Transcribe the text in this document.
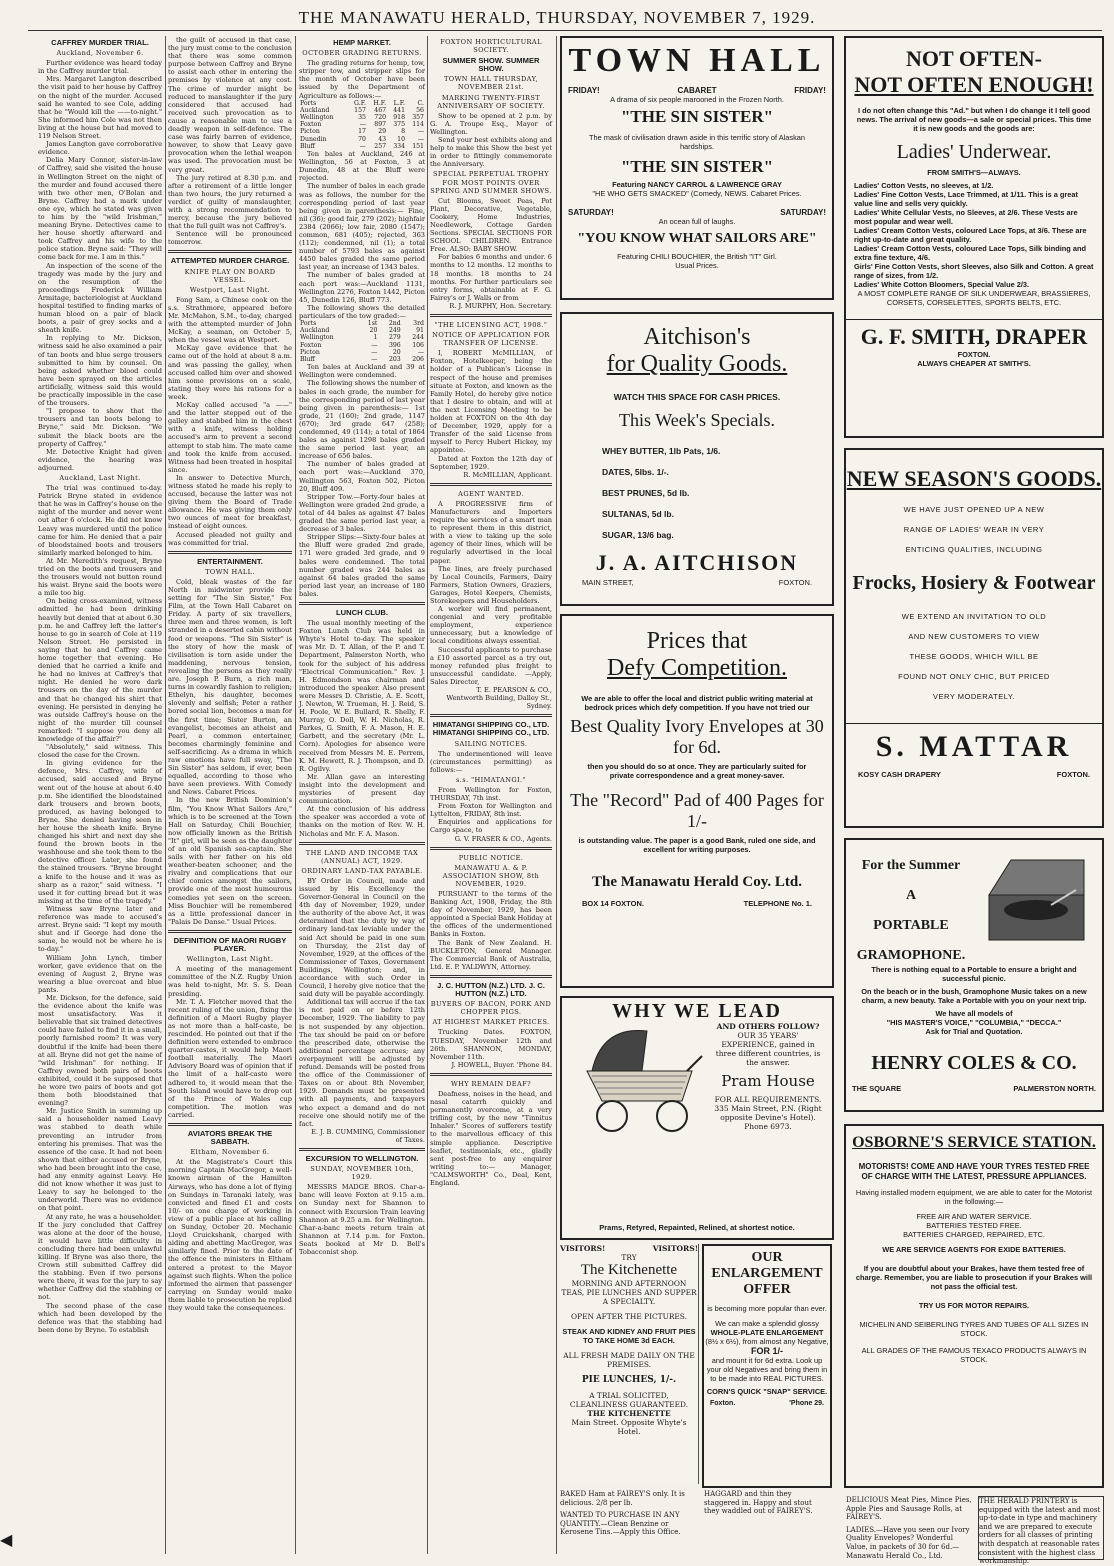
THE MANAWATU HERALD, THURSDAY, NOVEMBER 7, 1929.
CAFFREY MURDER TRIAL.
Auckland, November 6.

Further evidence was heard today in the Caffrey murder trial.

Mrs. Margaret Langton described the visit paid to her house by Caffrey on the night of the murder. Accused said he wanted to see Cole, adding that he "Would kill the ——to-night." She informed him Cole was not then living at the house but had moved to 119 Nelson Street.

James Langton gave corroborative evidence.

Delia Mary Connor, sister-in-law of Caffrey, said she visited the house in Wellington Street on the night of the murder and found accused there with two other men, O'Bolan and Bryne. Caffrey had a mark under one eye, which he stated was given to him by the "wild Irishman," meaning Bryne. Detectives came to her house shortly afterward and took Caffrey and his wife to the police station. Bryne said: "They will come back for me. I am in this."

An inspection of the scene of the tragedy was made by the jury and on the resumption of the proceedings Frederick William Armitage, bacteriologist at Auckland hospital testified to finding marks of human blood on a pair of black boots, a pair of grey socks and a sheath knife.

In replying to Mr. Dickson, witness said he also examined a pair of tan boots and blue serge trousers submitted to him by counsel. On being asked whether blood could have been sprayed on the articles artificially, witness said this would be practically impossible in the case of the trousers.

"I propose to show that the trousers and tan boots belong to Bryne," said Mr. Dickson. "We submit the black boots are the property of Caffrey."

Mr. Detective Knight had given evidence, the hearing was adjourned.

Auckland, Last Night.

The trial was continued to-day. Patrick Bryne stated in evidence that he was in Caffrey's house on the night of the murder and never went out after 6 o'clock. He did not know Leavy was murdered until the police came for him. He denied that a pair of bloodstained boots and trousers similarly marked belonged to him.

At Mr. Meredith's request, Bryne tried on the boots and trousers and the trousers would not button round his waist. Bryne said the boots were a mile too big.

On being cross-examined, witness admitted he had been drinking heavily but denied that at about 6.30 p.m. he and Caffrey left the latter's house to go in search of Cole at 119 Nelson Street. He persisted in saying that he and Caffrey came home together that evening. He denied that he carried a knife and he had no knives at Caffrey's that night. He denied he wore dark trousers on the day of the murder and that he changed his shirt that evening. He persisted in denying he was outside Caffrey's house on the night of the murder till counsel remarked: "I suppose you deny all knowledge of the affair?"

"Absolutely," said witness. This closed the case for the Crown.

In giving evidence for the defence, Mrs. Caffrey, wife of accused, said accused and Bryne went out of the house at about 6.40 p.m. She identified the bloodstained dark trousers and brown boots, produced, as having belonged to Bryne. She denied having seen in her house the sheath knife. Bryne changed his shirt and next day she found the brown boots in the washhouse and she took them to the detective officer. Later, she found the stained trousers. "Bryne brought a knife to the house and it was as sharp as a razor," said witness. "I used it for cutting bread but it was missing at the time of the tragedy."

Witness saw Bryne later and reference was made to accused's arrest. Bryne said: "I kept my mouth shut and if George had done the same, he would not be where he is to-day."

William John Lynch, timber worker, gave evidence that on the evening of August 2, Bryne was wearing a blue overcoat and blue pants.

Mr. Dickson, for the defence, said the evidence about the knife was most unsatisfactory. Was it believable that six trained detectives could have failed to find it in a small, poorly furnished room? It was very doubtful if the knife had been there at all. Bryne did not get the name of "wild Irishman" for nothing. If Caffrey owned both pairs of boots exhibited, could it be supposed that he wore two pairs of boots and got them both bloodstained that evening?

Mr. Justice Smith in summing up said a householder named Leavy was stabbed to death while preventing an intruder from entering his premises. That was the essence of the case. It had not been shown that either accused or Bryne, who had been brought into the case, had any enmity against Leavy. He did not know whether it was just to Leavy to say he belonged to the underworld. There was no evidence on that point.

At any rate, he was a householder. If the jury concluded that Caffrey was alone at the door of the house, it would have little difficulty in concluding there had been unlawful killing. If Bryne was also there, the Crown still submitted Caffrey did the stabbing. Even if two persons were there, it was for the jury to say whether Caffrey did the stabbing or not.

The second phase of the case which had been developed by the defence was that the stabbing had been done by Bryne. To establish

the guilt of accused in that case, the jury must come to the conclusion that there was some common purpose between Caffrey and Bryne to assist each other in entering the premises by violence at any cost. The crime of murder might be reduced to manslaughter if the jury considered that accused had received such provocation as to cause a reasonable man to use a deadly weapon in self-defence. The case was fairly barren of evidence, however, to show that Leavy gave provocation when the lethal weapon was used. The provocation must be very great.

The jury retired at 8.30 p.m. and after a retirement of a little longer than two hours, the jury returned a verdict of guilty of manslaughter, with a strong recommendation to mercy, because the jury believed that the full guilt was not Caffrey's.

Sentence will be pronounced tomorrow.

ATTEMPTED MURDER CHARGE.
KNIFE PLAY ON BOARD VESSEL.
Westport, Last Night.

Fong Sam, a Chinese cook on the s.s. Strathmore, appeared before Mr. McMahon, S.M., to-day, charged with the attempted murder of John McKay, a seaman, on October 5, when the vessel was at Westport.

McKay gave evidence that he came out of the hold at about 8 a.m. and was passing the galley, when accused called him over and showed him some provisions on a scale, stating they were his rations for a week.

McKay called accused "a ——" and the latter stepped out of the galley and stabbed him in the chest with a knife, witness holding accused's arm to prevent a second attempt to stab him. The mate came and took the knife from accused. Witness had been treated in hospital since.

In answer to Detective Murch, witness stated he made his reply to accused, because the latter was not giving them the Board of Trade allowance. He was giving them only two ounces of meat for breakfast, instead of eight ounces.

Accused pleaded not guilty and was committed for trial.

ENTERTAINMENT.
TOWN HALL.

Cold, bleak wastes of the far North in midwinter provide the setting for "The Sin Sister," Fox Film, at the Town Hall Cabaret on Friday. A party of six travellers, three men and three women, is left stranded in a deserted cabin without food or weapons. "The Sin Sister" is the story of how the mask of civilisation is torn aside under the maddening, nervous tension, revealing the persons as they really are. Joseph P. Burn, a rich man, turns in cowardly fashion to religion; Ethelyn, his daughter, becomes slovenly and selfish; Peter a rather bored social lion, becomes a man for the first time; Sister Burton, an evangelist, becomes an atheist and Pearl, a common entertainer, becomes charmingly feminine and self-sacrificing. As a drama in which raw emotions have full sway, "The Sin Sister" has seldom, if ever, been equalled, according to those who have seen previews. With Comedy and News. Cabaret Prices.

In the new British Dominion's film, "You Know What Sailors Are," which is to be screened at the Town Hall on Saturday, Chili Bouchier, now officially known as the British "It" girl, will be seen as the daughter of an old Spanish sea-captain. She sails with her father on his old weather-beaten schooner, and the rivalry and complications that our chief comics amongst the sailors, provide one of the most humourous comedies yet seen on the screen. Miss Bouchier will be remembered as a little professional dancer in "Palais De Danse." Usual Prices.

DEFINITION OF MAORI RUGBY PLAYER.
Wellington, Last Night.

A meeting of the management committee of the N.Z. Rugby Union was held to-night, Mr. S. S. Dean presiding.

Mr. T. A. Fletcher moved that the recent ruling of the union, fixing the definition of a Maori Rugby player as not more than a half-caste, be rescinded. He pointed out that if the definition were extended to embrace quarter-castes, it would help Maori football materially. The Maori Advisory Board was of opinion that if the limit of a half-caste were adhered to, it would mean that the South Island would have to drop out of the Prince of Wales cup competition. The motion was carried.

AVIATORS BREAK THE SABBATH.
Eltham, November 6.

At the Magistrate's Court this morning Captain MacGregor, a well-known airman of the Hamilton Airways, who has done a lot of flying on Sundays in Taranaki lately, was convicted and fined £1 and costs 10/- on one charge of working in view of a public place at his calling on Sunday, October 20. Mechanic Lloyd Cruickshank, charged with aiding and abetting MacGregor, was similarly fined. Prior to the date of the offence the ministers in Eltham entered a protest to the Mayor against such flights. When the police informed the airmen that passenger carrying on Sunday would make them liable to prosecution he replied they would take the consequences.

HEMP MARKET.
OCTOBER GRADING RETURNS.

The grading returns for hemp, tow, stripper tow, and stripper slips for the month of October have been issued by the Department of Agriculture as follows:—

Ports	G.F.	H.F.	L.F.	C.
Auckland	157	467	441	56
Wellington	35	720	918	357
Foxton	—	897	375	114
Picton	17	29	8	—
Dunedin	70	43	10	—
Bluff	—	257	334	151

Ten bales at Auckland, 246 at Wellington, 56 at Foxton, 3 at Dunedin, 48 at the Bluff were rejected.

The number of bales in each grade was as follows, the number for the corresponding period of last year being given in parenthesis:— Fine, nil (36); good fair, 279 (202); highfair 2384 (2066); low fair, 2080 (1547); common, 681 (405); rejected, 363 (112); condemned, nil (1); a total number of 5793 bales as against 4450 bales graded the same period last year, an increase of 1343 bales.

The number of bales graded at each port was:—Auckland 1131, Wellington 2276, Foxton 1442, Picton 45, Dunedin 126, Bluff 773.

The following shows the detailed particulars of the tow graded:—

Ports	1st	2nd	3rd
Auckland	20	249	91
Wellington	1	279	244
Foxton	—	396	106
Picton	—	20	—
Bluff	—	203	206

Ten bales at Auckland and 39 at Wellington were condemned.

The following shows the number of bales in each grade, the number for the corresponding period of last year being given in parenthesis:— 1st grade, 21 (160); 2nd grade, 1147 (670); 3rd grade 647 (258); condemned, 49 (114); a total of 1864 bales as against 1298 bales graded the same period last year, an increase of 656 bales.

The number of bales graded at each port was:—Auckland 370, Wellington 563, Foxton 502, Picton 20, Bluff 409.

Stripper Tow.—Forty-four bales at Wellington were graded 2nd grade, a total of 44 bales as against 47 bales graded the same period last year, a decrease of 3 bales.

Stripper Slips:—Sixty-four bales at the Bluff were graded 2nd grade, 171 were graded 3rd grade, and 9 bales were condemned. The total number graded was 244 bales as against 64 bales graded the same period last year, an increase of 180 bales.

LUNCH CLUB.

The usual monthly meeting of the Foxton Lunch Club was held in Whyte's Hotel to-day. The speaker was Mr. D. T. Allan, of the P. and T. Department, Palmerston North, who took for the subject of his address "Electrical Communication." Rev. J. H. Edmondson was chairman and introduced the speaker. Also present were Messrs D. Christie, A. E. Scott, J. Newton, W. Trueman, H. J. Reid, S. H. Poole, W. E. Bullard, R. Shelly, F. Murray, O. Doll, W. H. Nicholas, R. Parkes, G. Smith, F. A. Mason, H. E. Garbett, and the secretary (Mr. L. Corn). Apologies for absence were received from Messrs M. E. Perrem, K. M. Hewett, R. J. Thompson, and D. R. Ogilvy.

Mr. Allan gave an interesting insight into the development and mysteries of present day communication.

At the conclusion of his address the speaker was accorded a vote of thanks on the motion of Rev. W. H. Nicholas and Mr. F. A. Mason.

THE LAND AND INCOME TAX (ANNUAL) ACT, 1929.
ORDINARY LAND-TAX PAYABLE.

BY Order in Council, made and issued by His Excellency the Governor-General in Council on the 4th day of November, 1929, under the authority of the above Act, it was determined that the duty by way of ordinary land-tax leviable under the said Act should be paid in one sum on Thursday, the 21st day of November, 1929, at the offices of the Commissioner of Taxes, Government Buildings, Wellington; and, in accordance with such Order in Council, I hereby give notice that the said duty will be payable accordingly.

Additional tax will accrue if the tax is not paid on or before 12th December, 1929. The liability to pay is not suspended by any objection. The tax should be paid on or before the prescribed date, otherwise the additional percentage accrues; any overpayment will be adjusted by refund. Demands will be posted from the office of the Commissioner of Taxes on or about 8th November, 1929. Demands must be presented with all payments, and taxpayers who expect a demand and do not receive one should notify me of the fact.

E. J. B. CUMMING, Commissioner of Taxes.

EXCURSION TO WELLINGTON.
SUNDAY, NOVEMBER 10th, 1929.

MESSRS MADGE BROS. Char-a-banc will leave Foxton at 9.15 a.m. on Sunday next for Shannon to connect with Excursion Train leaving Shannon at 9.25 a.m. for Wellington. Char-a-banc meets return train at Shannon at 7.14 p.m. for Foxton. Seats booked at Mr D. Bell's Tobacconist shop.

FOXTON HORTICULTURAL SOCIETY.
SUMMER SHOW. SUMMER SHOW.
TOWN HALL THURSDAY, NOVEMBER 21st.
MARKING TWENTY-FIRST ANNIVERSARY OF SOCIETY.

Show to be opened at 2 p.m. by G. A. Troupe Esq., Mayor of Wellington.

Send your best exhibits along and help to make this Show the best yet in order to fittingly commemorate the Anniversary.

SPECIAL PERPETUAL TROPHY FOR MOST POINTS OVER SPRING AND SUMMER SHOWS.

Cut Blooms, Sweet Peas, Pot Plant, Decorative, Vegetable, Cookery, Home Industries, Needlework, Cottage Garden Sections. SPECIAL SECTIONS FOR SCHOOL CHILDREN. Entrance Free. ALSO: BABY SHOW.

For babies 6 months and under. 6 months to 12 months. 12 months to 18 months. 18 months to 24 months. For further particulars see entry forms, obtainable at F. G. Fairey's or J. Walls or from

R. J. MURPHY, Hon. Secretary.

"THE LICENSING ACT, 1908."
NOTICE OF APPLICATION FOR TRANSFER OF LICENSE.

I, ROBERT McMILLIAN, of Foxton, Hotelkeeper, being the holder of a Publican's License in respect of the house and premises situate at Foxton, and known as the Family Hotel, do hereby give notice that I desire to obtain, and will at the next Licensing Meeting to be holden at FOXTON on the 4th day of December, 1929, apply for a Transfer of the said License from myself to Percy Hubert Hickey, my appointee.

Dated at Foxton the 12th day of September, 1929.

R. McMILLIAN, Applicant.

AGENT WANTED.

A PROGRESSIVE firm of Manufacturers and Importers require the services of a smart man to represent them in this district, with a view to taking up the sole agency of their lines, which will be regularly advertised in the local paper.

The lines, are freely purchased by Local Councils, Farmers, Dairy Farmers, Station Owners, Graziers, Garages, Hotel Keepers, Chemists, Storekeepers and Householders.

A worker will find permanent, congenial and very profitable employment, experience unnecessary, but a knowledge of local conditions always essential.

Successful applicants to purchase a £10 assorted parcel as a try out, money refunded plus freight to unsuccessful candidate. —Apply, Sales Director,

T. E. PEARSON & CO., Wentworth Building, Dalley St., Sydney.

HIMATANGI SHIPPING CO., LTD. HIMATANGI SHIPPING CO., LTD.
SAILING NOTICES.

The undermentioned will leave (circumstances permitting) as follows:—

s.s. "HIMATANGI."

From Wellington for Foxton, THURSDAY, 7th inst.

From Foxton for Wellington and Lyttelton, FRIDAY, 8th inst.

Enquiries and applications for Cargo space, to

G. V. FRASER & CO., Agents.

PUBLIC NOTICE.
MANAWATU A. & P. ASSOCIATION SHOW, 8th NOVEMBER, 1929.

PURSUANT to the terms of the Banking Act, 1908, Friday, the 8th day of November, 1929, has been appointed a Special Bank Holiday at the offices of the undermentioned Banks in Foxton.

The Bank of New Zealand. H. BUCKLETON, General Manager. The Commercial Bank of Australia, Ltd. E. P. YALDWYN, Attorney.

J. C. HUTTON (N.Z.) LTD. J. C. HUTTON (N.Z.) LTD.
BUYERS OF BACON, PORK AND CHOPPER PIGS.
AT HIGHEST MARKET PRICES.

Trucking Dates. FOXTON, TUESDAY, November 12th and 26th. SHANNON, MONDAY, November 11th.

J. HOWELL, Buyer. 'Phone 84.

WHY REMAIN DEAF?

Deafness, noises in the head, and nasal catarrh quickly and permanently overcome, at a very trifling cost, by the new "Tinnitus Inhaler." Scores of sufferers testify to the marvellous efficacy of this simple appliance. Descriptive leaflet, testimonials, etc., gladly sent post-free to any enquirer writing to:— Manager, "CALMSWORTH" Co., Deal, Kent, England.

TOWN HALL
FRIDAY!	CABARET	FRIDAY!
A drama of six people marooned in the Frozen North.
"THE SIN SISTER"
The mask of civilisation drawn aside in this terrific story of Alaskan hardships.
"THE SIN SISTER"
Featuring NANCY CARROL & LAWRENCE GRAY
"HE WHO GETS SMACKED" (Comedy, NEWS. Cabaret Prices.
SATURDAY!	SATURDAY!
An ocean full of laughs.
"YOU KNOW WHAT SAILORS ARE"
Featuring CHILI BOUCHIER, the British "IT" Girl.
Usual Prices.
Aitchison's
for Quality Goods.
WATCH THIS SPACE FOR CASH PRICES.
This Week's Specials.
WHEY BUTTER, 1lb Pats, 1/6.
DATES, 5lbs. 1/-.
BEST PRUNES, 5d lb.
SULTANAS, 5d lb.
SUGAR, 13/6 bag.
J. A. AITCHISON
MAIN STREET,	FOXTON.
Prices that
Defy Competition.
We are able to offer the local and district public writing material at bedrock prices which defy competition. If you have not tried our
Best Quality Ivory Envelopes at 30 for 6d.
then you should do so at once. They are particularly suited for private correspondence and a great money-saver.
The "Record" Pad of 400 Pages for 1/-
is outstanding value. The paper is a good Bank, ruled one side, and excellent for writing purposes.
The Manawatu Herald Coy. Ltd.
BOX 14 FOXTON.	TELEPHONE No. 1.
WHY WE LEAD
AND OTHERS FOLLOW?
OUR 35 YEARS' EXPERIENCE, gained in three different countries, is the answer.
Pram House
FOR ALL REQUIREMENTS.
335 Main Street, P.N. (Right opposite Devine's Hotel). Phone 6973.
Prams, Retyred, Repainted, Relined, at shortest notice.
VISITORS!	VISITORS!
TRY
The Kitchenette
MORNING AND AFTERNOON TEAS, PIE LUNCHES AND SUPPER A SPECIALTY.
OPEN AFTER THE PICTURES.
STEAK AND KIDNEY AND FRUIT PIES TO TAKE HOME 3d EACH.
ALL FRESH MADE DAILY ON THE PREMISES.
PIE LUNCHES, 1/-.
A TRIAL SOLICITED, CLEANLINESS GUARANTEED.
THE KITCHENETTE
Main Street. Opposite Whyte's Hotel.
OUR ENLARGEMENT OFFER
is becoming more popular than ever.
We can make a splendid glossy
WHOLE-PLATE ENLARGEMENT
(8½ x 6½), from almost any Negative,
FOR 1/-
and mount it for 6d extra. Look up your old Negatives and bring them in to be made into REAL PICTURES.
CORN'S QUICK "SNAP" SERVICE.
Foxton.	'Phone 29.
BAKED Ham at FAIREY'S only. It is delicious. 2/8 per lb.
WANTED TO PURCHASE IN ANY QUANTITY.—Clean Benzine or Kerosene Tins.—Apply this Office.
HAGGARD and thin they staggered in. Happy and stout they waddled out of FAIREY'S.
DELICIOUS Meat Pies, Mince Pies, Apple Pies and Sausage Rolls, at FAIREY'S.
LADIES.—Have you seen our Ivory Quality Envelopes? Wonderful Value, in packets of 30 for 6d.—Manawatu Herald Co., Ltd.
THE HERALD PRINTERY is equipped with the latest and most up-to-date in type and machinery and we are prepared to execute orders for all classes of printing with despatch at reasonable rates consistent with the highest class workmanship.
NOT OFTEN-
NOT OFTEN ENOUGH!
I do not often change this "Ad." but when I do change it I tell good news. The arrival of new goods—a sale or special prices. This time it is new goods and the goods are:
Ladies' Underwear.
FROM SMITH'S—ALWAYS.
Ladies' Cotton Vests, no sleeves, at 1/2.
Ladies' Fine Cotton Vests, Lace Trimmed, at 1/11. This is a great value line and sells very quickly.
Ladies' White Cellular Vests, no Sleeves, at 2/6. These Vests are most popular and wear well.
Ladies' Cream Cotton Vests, coloured Lace Tops, at 3/6. These are right up-to-date and great quality.
Ladies' Cream Cotton Vests, coloured Lace Tops, Silk binding and extra fine texture, 4/6.
Girls' Fine Cotton Vests, short Sleeves, also Silk and Cotton. A great range of sizes, from 1/2.
Ladies' White Cotton Bloomers, Special Value 2/3.
A MOST COMPLETE RANGE OF SILK UNDERWEAR, BRASSIERES, CORSETS, CORSELETTES, SPORTS BELTS, ETC.
G. F. SMITH, DRAPER
FOXTON.
ALWAYS CHEAPER AT SMITH'S.
NEW SEASON'S GOODS.
WE HAVE JUST OPENED UP A NEW
RANGE OF LADIES' WEAR IN VERY
ENTICING QUALITIES, INCLUDING
Frocks, Hosiery & Footwear
WE EXTEND AN INVITATION TO OLD
AND NEW CUSTOMERS TO VIEW
THESE GOODS, WHICH WILL BE
FOUND NOT ONLY CHIC, BUT PRICED
VERY MODERATELY.
S. MATTAR
KOSY CASH DRAPERY	FOXTON.
For the Summer
A
PORTABLE
GRAMOPHONE.
There is nothing equal to a Portable to ensure a bright and successful picnic.
On the beach or in the bush, Gramophone Music takes on a new charm, a new beauty. Take a Portable with you on your next trip.
We have all models of
"HIS MASTER'S VOICE," "COLUMBIA," "DECCA."
Ask for Trial and Quotation.
HENRY COLES & CO.
THE SQUARE	PALMERSTON NORTH.
OSBORNE'S SERVICE STATION.
MOTORISTS! COME AND HAVE YOUR TYRES TESTED FREE OF CHARGE WITH THE LATEST, PRESSURE APPLIANCES.
Having installed modern equipment, we are able to cater for the Motorist in the following:—
FREE AIR AND WATER SERVICE.
BATTERIES TESTED FREE.
BATTERIES CHARGED, REPAIRED, ETC.
WE ARE SERVICE AGENTS FOR EXIDE BATTERIES.
If you are doubtful about your Brakes, have them tested free of charge. Remember, you are liable to prosecution if your Brakes will not pass the official test.
TRY US FOR MOTOR REPAIRS.
MICHELIN AND SEIBERLING TYRES AND TUBES OF ALL SIZES IN STOCK.
ALL GRADES OF THE FAMOUS TEXACO PRODUCTS ALWAYS IN STOCK.
◀
